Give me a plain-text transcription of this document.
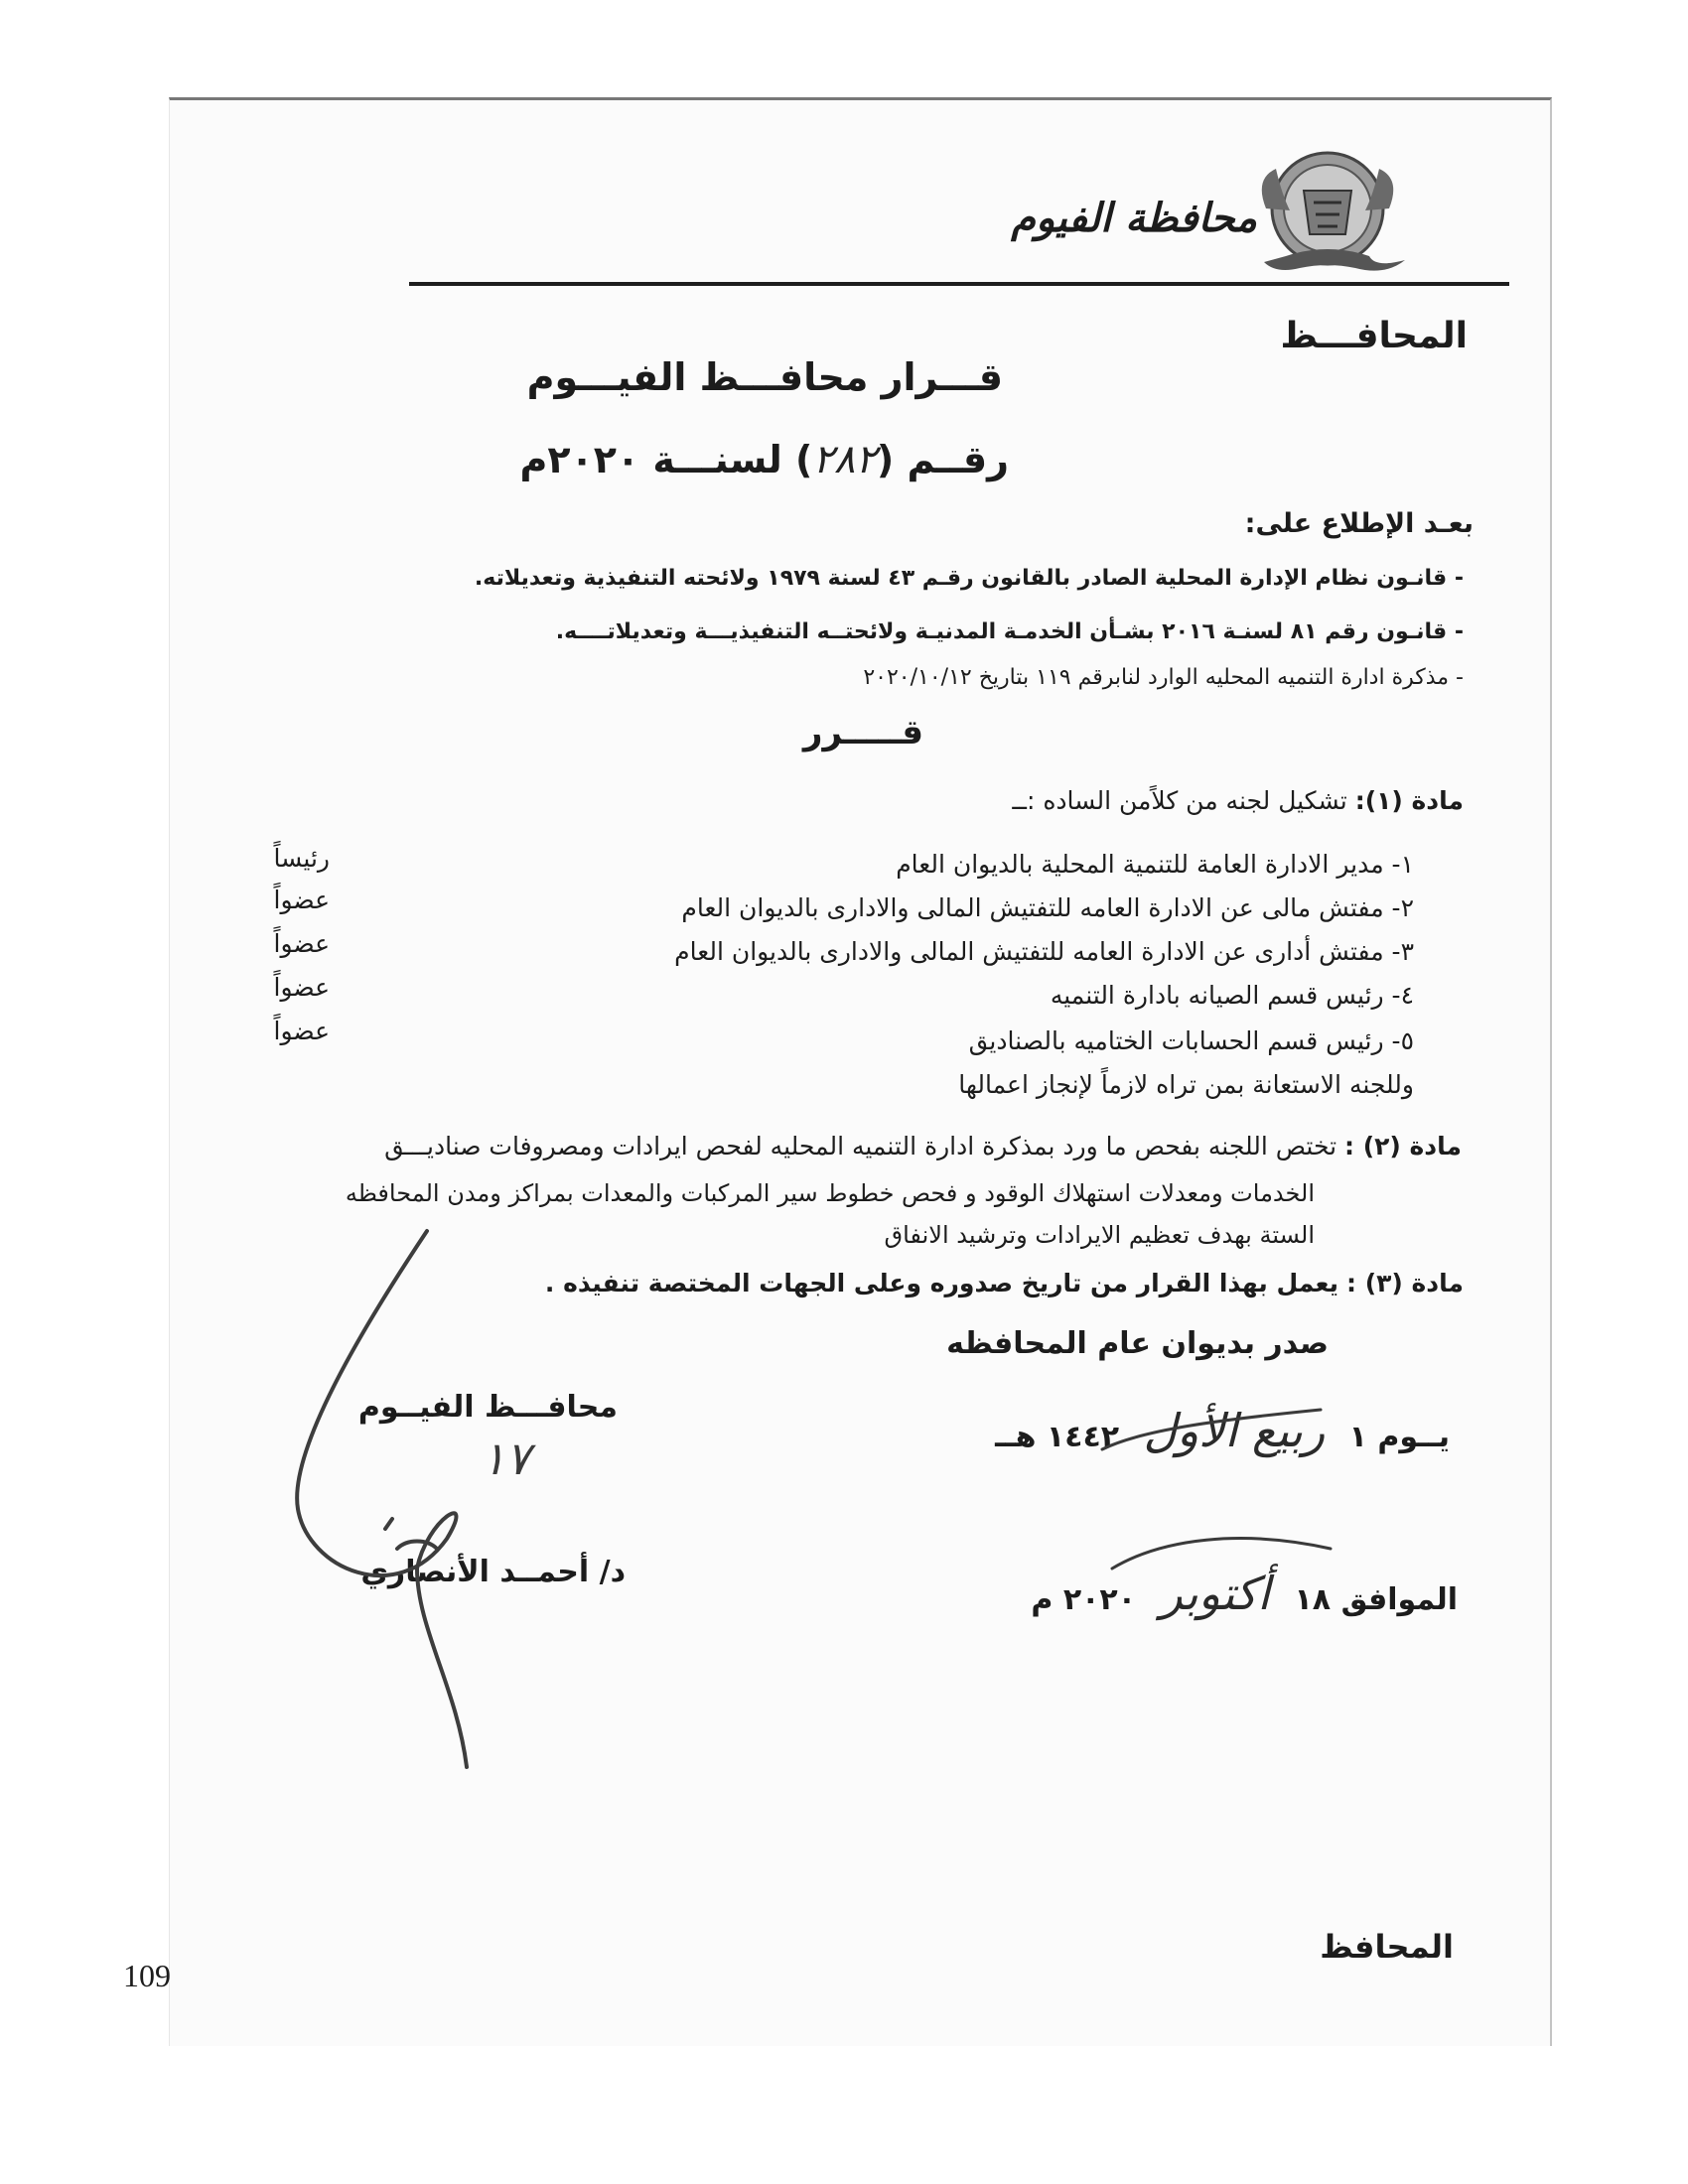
محافظة الفيوم
المحافـــظ
قـــرار محافـــظ الفيـــوم
رقــم (٢٨٢) لسنـــة ٢٠٢٠م
بعـد الإطلاع على:
- قانـون نظام الإدارة المحلية الصادر بالقانون رقـم ٤٣ لسنة ١٩٧٩ ولائحته التنفيذية وتعديلاته.
- قانـون رقم ٨١ لسنـة ٢٠١٦ بشـأن الخدمـة المدنيـة ولائحتــه التنفيذيـــة وتعديلاتــــه.
- مذكرة ادارة التنميه المحليه الوارد لنابرقم ١١٩ بتاريخ ٢٠٢٠/١٠/١٢
قـــــرر
مادة (١): تشكيل لجنه من كلاًمن الساده :ــ
١- مدير الادارة العامة للتنمية المحلية بالديوان العام
٢- مفتش مالى عن الادارة العامه للتفتيش المالى والادارى بالديوان العام
٣- مفتش أدارى عن الادارة العامه للتفتيش المالى والادارى بالديوان العام
٤- رئيس قسم الصيانه بادارة التنميه
٥- رئيس قسم الحسابات الختاميه بالصناديق
رئيساً
عضواً
عضواً
عضواً
عضواً
وللجنه الاستعانة بمن تراه لازماً لإنجاز اعمالها
مادة (٢) : تختص اللجنه بفحص ما ورد بمذكرة ادارة التنميه المحليه لفحص ايرادات ومصروفات صناديـــق
الخدمات ومعدلات استهلاك الوقود و فحص خطوط سير المركبات والمعدات بمراكز ومدن المحافظه
الستة بهدف تعظيم الايرادات وترشيد الانفاق
مادة (٣) : يعمل بهذا القرار من تاريخ صدوره وعلى الجهات المختصة تنفيذه .
صدر بديوان عام المحافظه
يــوم ١ ربيع الأول ١٤٤٢ هــ
الموافق ١٨ أكتوبر ٢٠٢٠ م
محافـــظ الفيــوم
١٧
د/ أحمــد الأنصاري
المحافظ
109
